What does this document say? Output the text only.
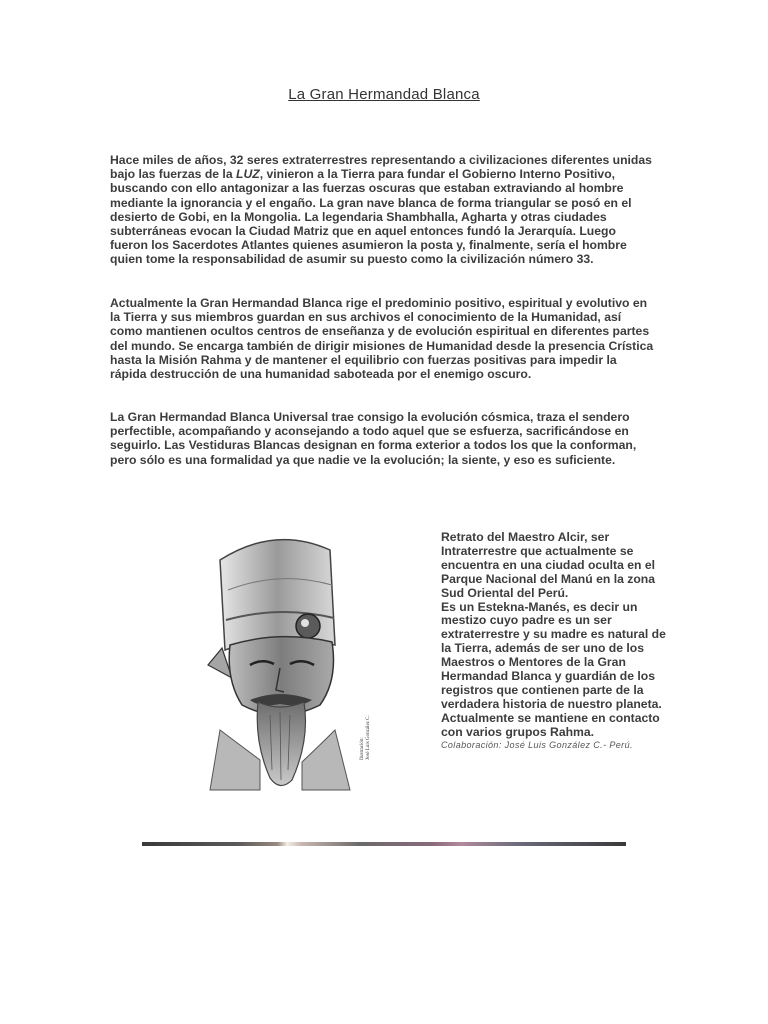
La Gran Hermandad Blanca

Hace miles de años, 32 seres extraterrestres representando a civilizaciones diferentes unidas bajo las fuerzas de la LUZ, vinieron a la Tierra para fundar el Gobierno Interno Positivo, buscando con ello antagonizar a las fuerzas oscuras que estaban extraviando al hombre mediante la ignorancia y el engaño. La gran nave blanca de forma triangular se posó en el desierto de Gobi, en la Mongolia. La legendaria Shambhalla, Agharta y otras ciudades subterráneas evocan la Ciudad Matriz que en aquel entonces fundó la Jerarquía. Luego fueron los Sacerdotes Atlantes quienes asumieron la posta y, finalmente, sería el hombre quien tome la responsabilidad de asumir su puesto como la civilización número 33.

Actualmente la Gran Hermandad Blanca rige el predominio positivo, espiritual y evolutivo en la Tierra y sus miembros guardan en sus archivos el conocimiento de la Humanidad, así como mantienen ocultos centros de enseñanza y de evolución espiritual en diferentes partes del mundo. Se encarga también de dirigir misiones de Humanidad desde la presencia Crística hasta la Misión Rahma y de mantener el equilibrio con fuerzas positivas para impedir la rápida destrucción de una humanidad saboteada por el enemigo oscuro.

La Gran Hermandad Blanca Universal trae consigo la evolución cósmica, traza el sendero perfectible, acompañando y aconsejando a todo aquel que se esfuerza, sacrificándose en seguirlo. Las Vestiduras Blancas designan en forma exterior a todos los que la conforman, pero sólo es una formalidad ya que nadie ve la evolución; la siente, y eso es suficiente.

Ilustración: José Luis González C.

Retrato del Maestro Alcir, ser Intraterrestre que actualmente se encuentra en una ciudad oculta en el Parque Nacional del Manú en la zona Sud Oriental del Perú.

Es un Estekna-Manés, es decir un mestizo cuyo padre es un ser extraterrestre y su madre es natural de la Tierra, además de ser uno de los Maestros o Mentores de la Gran Hermandad Blanca y guardián de los registros que contienen parte de la verdadera historia de nuestro planeta.

Actualmente se mantiene en contacto con varios grupos Rahma.

Colaboración: José Luis González C.- Perú.
